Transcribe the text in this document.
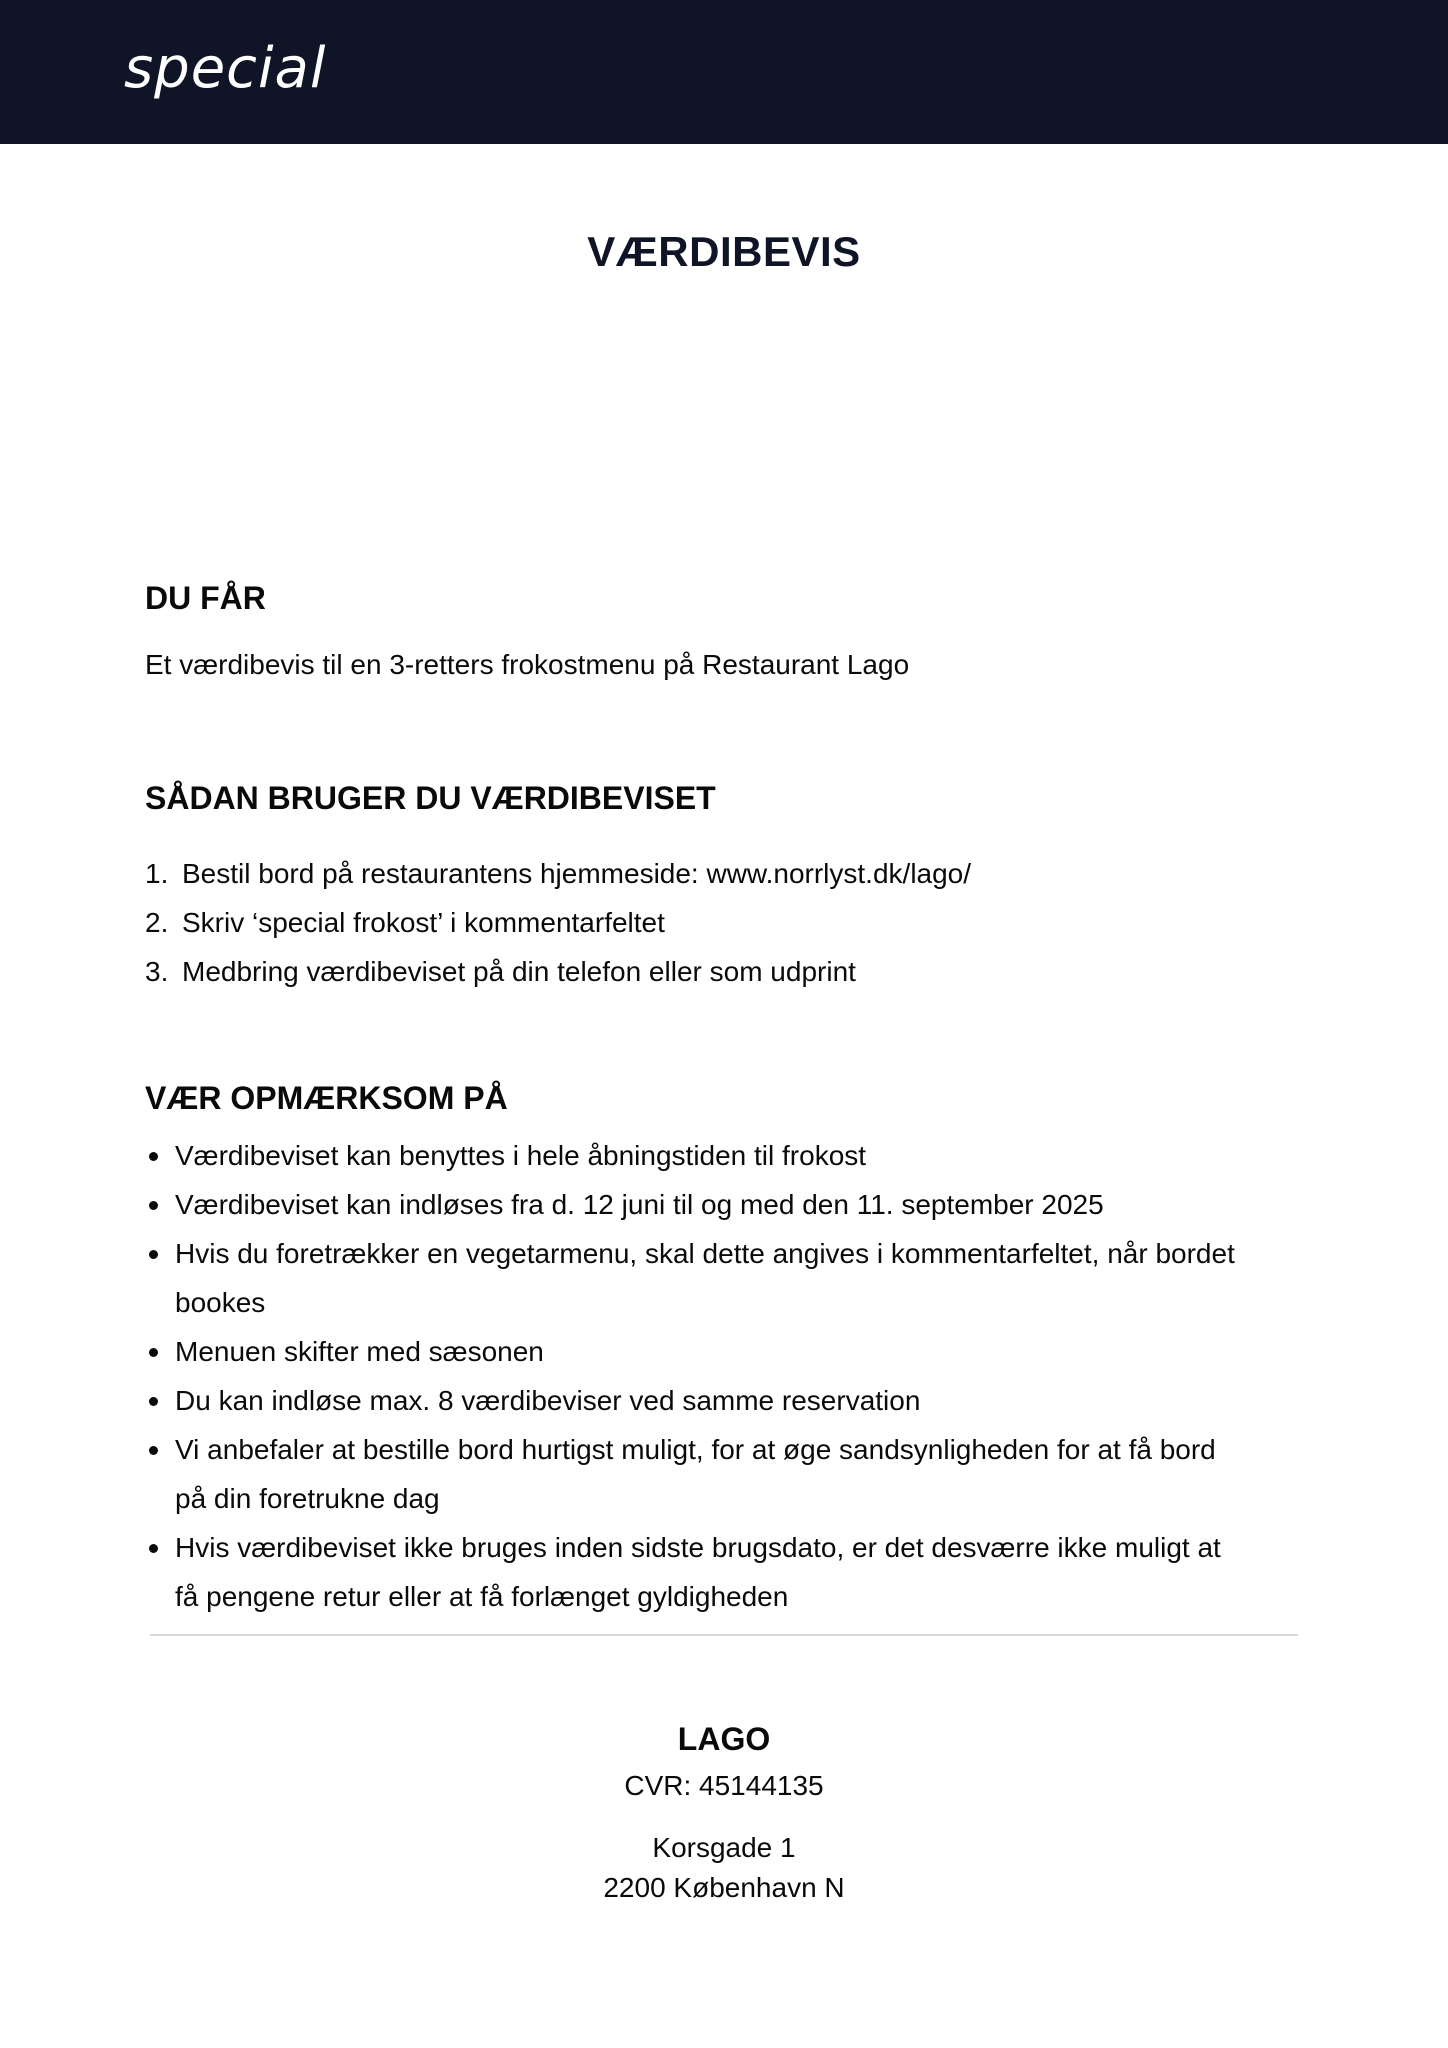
special
VÆRDIBEVIS
DU FÅR

Et værdibevis til en 3-retters frokostmenu på Restaurant Lago

SÅDAN BRUGER DU VÆRDIBEVISET
1. Bestil bord på restaurantens hjemmeside: www.norrlyst.dk/lago/
2. Skriv ‘special frokost’ i kommentarfeltet
3. Medbring værdibeviset på din telefon eller som udprint
VÆR OPMÆRKSOM PÅ
Værdibeviset kan benyttes i hele åbningstiden til frokost
Værdibeviset kan indløses fra d. 12 juni til og med den 11. september 2025
Hvis du foretrækker en vegetarmenu, skal dette angives i kommentarfeltet, når bordet bookes
Menuen skifter med sæsonen
Du kan indløse max. 8 værdibeviser ved samme reservation
Vi anbefaler at bestille bord hurtigst muligt, for at øge sandsynligheden for at få bord på din foretrukne dag
Hvis værdibeviset ikke bruges inden sidste brugsdato, er det desværre ikke muligt at få pengene retur eller at få forlænget gyldigheden
LAGO
CVR: 45144135
Korsgade 1
2200 København N
